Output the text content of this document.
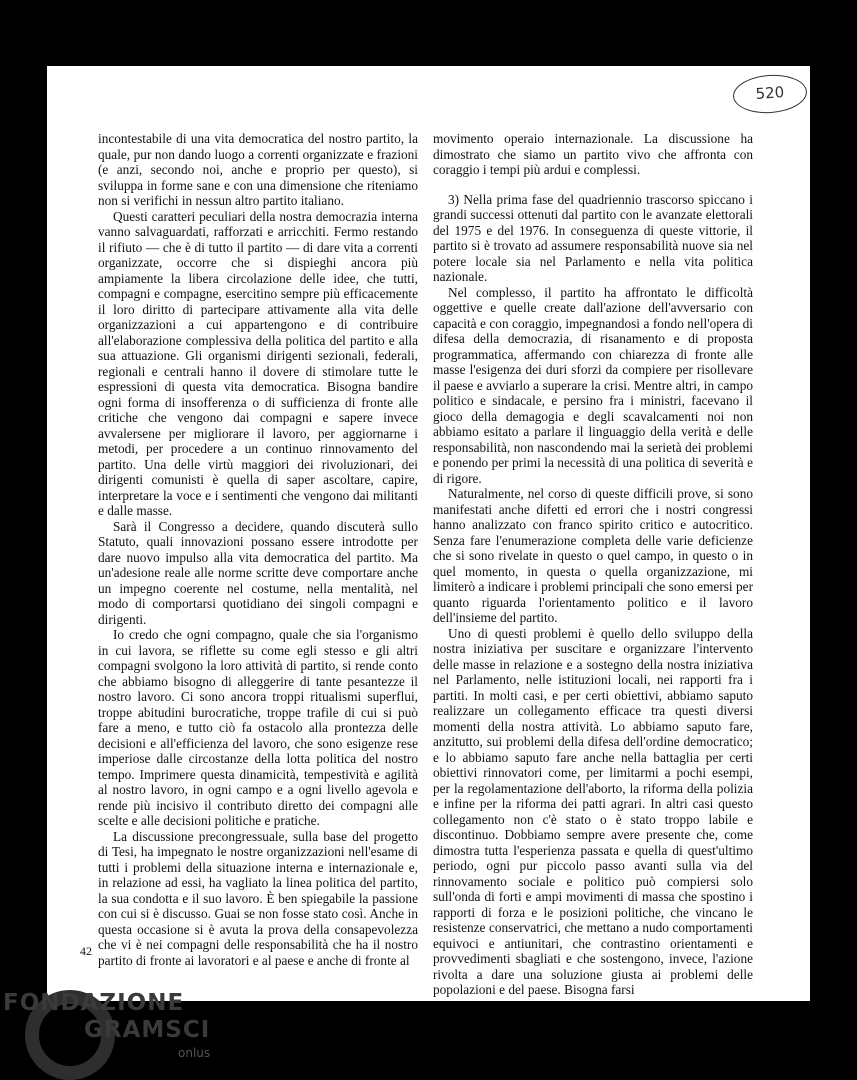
520

incontestabile di una vita democratica del nostro partito, la quale, pur non dando luogo a correnti organizzate e frazioni (e anzi, secondo noi, anche e proprio per questo), si sviluppa in forme sane e con una dimensione che riteniamo non si verifichi in nessun altro partito italiano.

Questi caratteri peculiari della nostra democrazia interna vanno salvaguardati, rafforzati e arricchiti. Fermo restando il rifiuto — che è di tutto il partito — di dare vita a correnti organizzate, occorre che si dispieghi ancora più ampiamente la libera circolazione delle idee, che tutti, compagni e compagne, esercitino sempre più efficacemente il loro diritto di partecipare attivamente alla vita delle organizzazioni a cui appartengono e di contribuire all'elaborazione complessiva della politica del partito e alla sua attuazione. Gli organismi dirigenti sezionali, federali, regionali e centrali hanno il dovere di stimolare tutte le espressioni di questa vita democratica. Bisogna bandire ogni forma di insofferenza o di sufficienza di fronte alle critiche che vengono dai compagni e sapere invece avvalersene per migliorare il lavoro, per aggiornarne i metodi, per procedere a un continuo rinnovamento del partito. Una delle virtù maggiori dei rivoluzionari, dei dirigenti comunisti è quella di saper ascoltare, capire, interpretare la voce e i sentimenti che vengono dai militanti e dalle masse.

Sarà il Congresso a decidere, quando discuterà sullo Statuto, quali innovazioni possano essere introdotte per dare nuovo impulso alla vita democratica del partito. Ma un'adesione reale alle norme scritte deve comportare anche un impegno coerente nel costume, nella mentalità, nel modo di comportarsi quotidiano dei singoli compagni e dirigenti.

Io credo che ogni compagno, quale che sia l'organismo in cui lavora, se riflette su come egli stesso e gli altri compagni svolgono la loro attività di partito, si rende conto che abbiamo bisogno di alleggerire di tante pesantezze il nostro lavoro. Ci sono ancora troppi ritualismi superflui, troppe abitudini burocratiche, troppe trafile di cui si può fare a meno, e tutto ciò fa ostacolo alla prontezza delle decisioni e all'efficienza del lavoro, che sono esigenze rese imperiose dalle circostanze della lotta politica del nostro tempo. Imprimere questa dinamicità, tempestività e agilità al nostro lavoro, in ogni campo e a ogni livello agevola e rende più incisivo il contributo diretto dei compagni alle scelte e alle decisioni politiche e pratiche.

La discussione precongressuale, sulla base del progetto di Tesi, ha impegnato le nostre organizzazioni nell'esame di tutti i problemi della situazione interna e internazionale e, in relazione ad essi, ha vagliato la linea politica del partito, la sua condotta e il suo lavoro. È ben spiegabile la passione con cui si è discusso. Guai se non fosse stato così. Anche in questa occasione si è avuta la prova della consapevolezza che vi è nei compagni delle responsabilità che ha il nostro partito di fronte ai lavoratori e al paese e anche di fronte al

movimento operaio internazionale. La discussione ha dimostrato che siamo un partito vivo che affronta con coraggio i tempi più ardui e complessi.

3) Nella prima fase del quadriennio trascorso spiccano i grandi successi ottenuti dal partito con le avanzate elettorali del 1975 e del 1976. In conseguenza di queste vittorie, il partito si è trovato ad assumere responsabilità nuove sia nel potere locale sia nel Parlamento e nella vita politica nazionale.

Nel complesso, il partito ha affrontato le difficoltà oggettive e quelle create dall'azione dell'avversario con capacità e con coraggio, impegnandosi a fondo nell'opera di difesa della democrazia, di risanamento e di proposta programmatica, affermando con chiarezza di fronte alle masse l'esigenza dei duri sforzi da compiere per risollevare il paese e avviarlo a superare la crisi. Mentre altri, in campo politico e sindacale, e persino fra i ministri, facevano il gioco della demagogia e degli scavalcamenti noi non abbiamo esitato a parlare il linguaggio della verità e delle responsabilità, non nascondendo mai la serietà dei problemi e ponendo per primi la necessità di una politica di severità e di rigore.

Naturalmente, nel corso di queste difficili prove, si sono manifestati anche difetti ed errori che i nostri congressi hanno analizzato con franco spirito critico e autocritico. Senza fare l'enumerazione completa delle varie deficienze che si sono rivelate in questo o quel campo, in questo o in quel momento, in questa o quella organizzazione, mi limiterò a indicare i problemi principali che sono emersi per quanto riguarda l'orientamento politico e il lavoro dell'insieme del partito.

Uno di questi problemi è quello dello sviluppo della nostra iniziativa per suscitare e organizzare l'intervento delle masse in relazione e a sostegno della nostra iniziativa nel Parlamento, nelle istituzioni locali, nei rapporti fra i partiti. In molti casi, e per certi obiettivi, abbiamo saputo realizzare un collegamento efficace tra questi diversi momenti della nostra attività. Lo abbiamo saputo fare, anzitutto, sui problemi della difesa dell'ordine democratico; e lo abbiamo saputo fare anche nella battaglia per certi obiettivi rinnovatori come, per limitarmi a pochi esempi, per la regolamentazione dell'aborto, la riforma della polizia e infine per la riforma dei patti agrari. In altri casi questo collegamento non c'è stato o è stato troppo labile e discontinuo. Dobbiamo sempre avere presente che, come dimostra tutta l'esperienza passata e quella di quest'ultimo periodo, ogni pur piccolo passo avanti sulla via del rinnovamento sociale e politico può compiersi solo sull'onda di forti e ampi movimenti di massa che spostino i rapporti di forza e le posizioni politiche, che vincano le resistenze conservatrici, che mettano a nudo comportamenti equivoci e antiunitari, che contrastino orientamenti e provvedimenti sbagliati e che sostengono, invece, l'azione rivolta a dare una soluzione giusta ai problemi delle popolazioni e del paese. Bisogna farsi

42
FONDAZIONE
GRAMSCI
onlus
